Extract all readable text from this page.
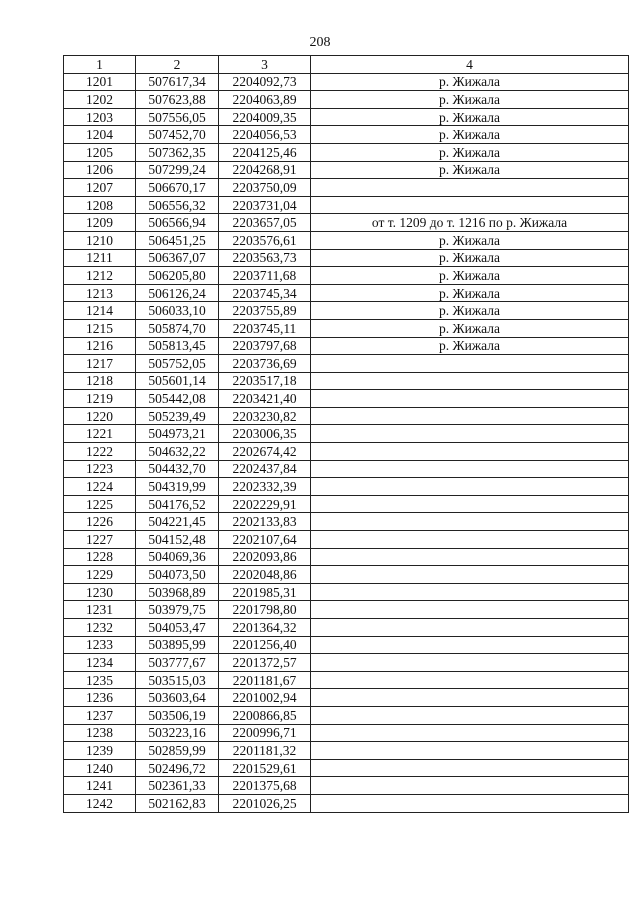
208
1	2	3	4
1201	507617,34	2204092,73	р. Жижала
1202	507623,88	2204063,89	р. Жижала
1203	507556,05	2204009,35	р. Жижала
1204	507452,70	2204056,53	р. Жижала
1205	507362,35	2204125,46	р. Жижала
1206	507299,24	2204268,91	р. Жижала
1207	506670,17	2203750,09	
1208	506556,32	2203731,04	
1209	506566,94	2203657,05	от т. 1209 до т. 1216 по р. Жижала
1210	506451,25	2203576,61	р. Жижала
1211	506367,07	2203563,73	р. Жижала
1212	506205,80	2203711,68	р. Жижала
1213	506126,24	2203745,34	р. Жижала
1214	506033,10	2203755,89	р. Жижала
1215	505874,70	2203745,11	р. Жижала
1216	505813,45	2203797,68	р. Жижала
1217	505752,05	2203736,69	
1218	505601,14	2203517,18	
1219	505442,08	2203421,40	
1220	505239,49	2203230,82	
1221	504973,21	2203006,35	
1222	504632,22	2202674,42	
1223	504432,70	2202437,84	
1224	504319,99	2202332,39	
1225	504176,52	2202229,91	
1226	504221,45	2202133,83	
1227	504152,48	2202107,64	
1228	504069,36	2202093,86	
1229	504073,50	2202048,86	
1230	503968,89	2201985,31	
1231	503979,75	2201798,80	
1232	504053,47	2201364,32	
1233	503895,99	2201256,40	
1234	503777,67	2201372,57	
1235	503515,03	2201181,67	
1236	503603,64	2201002,94	
1237	503506,19	2200866,85	
1238	503223,16	2200996,71	
1239	502859,99	2201181,32	
1240	502496,72	2201529,61	
1241	502361,33	2201375,68	
1242	502162,83	2201026,25	
